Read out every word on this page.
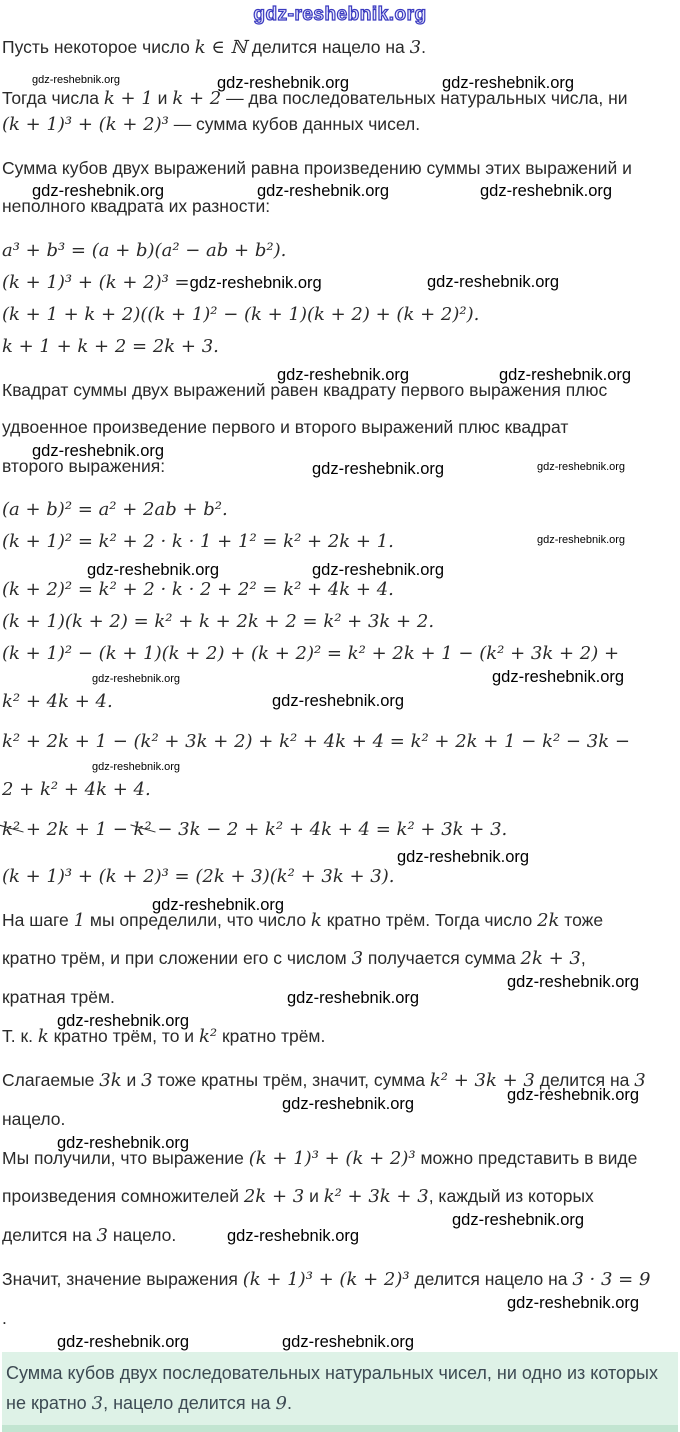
gdz-reshebnik.org
Пусть некоторое число k ∈ ℕ делится нацело на 3.
gdz-reshebnik.org	gdz-reshebnik.org	gdz-reshebnik.org
Тогда числа k + 1 и k + 2 — два последовательных натуральных числа, ни
(k + 1)³ + (k + 2)³ — сумма кубов данных чисел.
Сумма кубов двух выражений равна произведению суммы этих выражений и
gdz-reshebnik.org	gdz-reshebnik.org	gdz-reshebnik.org
неполного квадрата их разности:
a³ + b³ = (a + b)(a² − ab + b²).
(k + 1)³ + (k + 2)³ =gdz-reshebnik.org	gdz-reshebnik.org
(k + 1 + k + 2)((k + 1)² − (k + 1)(k + 2) + (k + 2)²).
k + 1 + k + 2 = 2k + 3.
gdz-reshebnik.org	gdz-reshebnik.org
Квадрат суммы двух выражений равен квадрату первого выражения плюс
удвоенное произведение первого и второго выражений плюс квадрат
gdz-reshebnik.org
второго выражения:	gdz-reshebnik.org	gdz-reshebnik.org
(a + b)² = a² + 2ab + b².
(k + 1)² = k² + 2 · k · 1 + 1² = k² + 2k + 1.	gdz-reshebnik.org
gdz-reshebnik.org	gdz-reshebnik.org
(k + 2)² = k² + 2 · k · 2 + 2² = k² + 4k + 4.
(k + 1)(k + 2) = k² + k + 2k + 2 = k² + 3k + 2.
(k + 1)² − (k + 1)(k + 2) + (k + 2)² = k² + 2k + 1 − (k² + 3k + 2) +
gdz-reshebnik.org	gdz-reshebnik.org
k² + 4k + 4.	gdz-reshebnik.org
k² + 2k + 1 − (k² + 3k + 2) + k² + 4k + 4 = k² + 2k + 1 − k² − 3k −
gdz-reshebnik.org
2 + k² + 4k + 4.
k² + 2k + 1 − k² − 3k − 2 + k² + 4k + 4 = k² + 3k + 3.
gdz-reshebnik.org
(k + 1)³ + (k + 2)³ = (2k + 3)(k² + 3k + 3).
gdz-reshebnik.org
На шаге 1 мы определили, что число k кратно трём. Тогда число 2k тоже
кратно трём, и при сложении его с числом 3 получается сумма 2k + 3,
gdz-reshebnik.org
кратная трём.	gdz-reshebnik.org
gdz-reshebnik.org
Т. к. k кратно трём, то и k² кратно трём.
Слагаемые 3k и 3 тоже кратны трём, значит, сумма k² + 3k + 3 делится на 3
gdz-reshebnik.org	gdz-reshebnik.org
нацело.
gdz-reshebnik.org
Мы получили, что выражение (k + 1)³ + (k + 2)³ можно представить в виде
произведения сомножителей 2k + 3 и k² + 3k + 3, каждый из которых
gdz-reshebnik.org
делится на 3 нацело.	gdz-reshebnik.org
Значит, значение выражения (k + 1)³ + (k + 2)³ делится нацело на 3 · 3 = 9
gdz-reshebnik.org
.
gdz-reshebnik.org	gdz-reshebnik.org
Сумма кубов двух последовательных натуральных чисел, ни одно из которых не кратно 3, нацело делится на 9.
